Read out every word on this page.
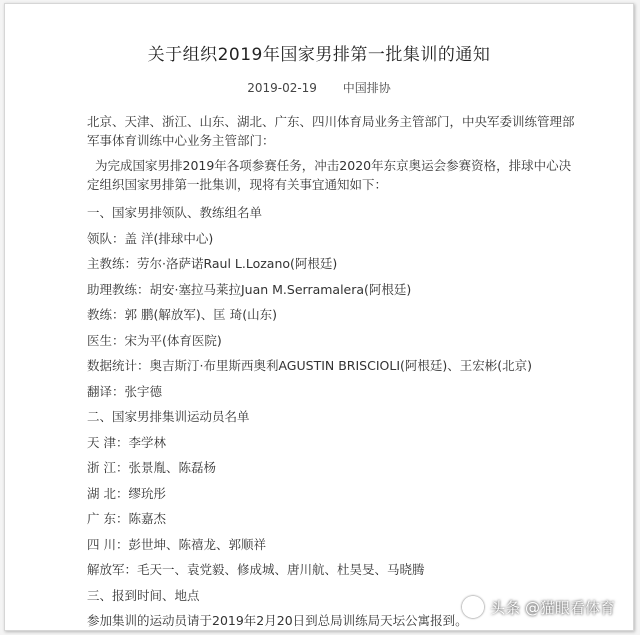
关于组织2019年国家男排第一批集训的通知
2019-02-19 中国排协

北京、天津、浙江、山东、湖北、广东、四川体育局业务主管部门，中央军委训练管理部军事体育训练中心业务主管部门：

为完成国家男排2019年各项参赛任务，冲击2020年东京奥运会参赛资格，排球中心决定组织国家男排第一批集训，现将有关事宜通知如下：

一、国家男排领队、教练组名单

领队：盖 洋(排球中心)

主教练：劳尔·洛萨诺Raul L.Lozano(阿根廷)

助理教练：胡安·塞拉马莱拉Juan M.Serramalera(阿根廷)

教练：郭 鹏(解放军)、匡 琦(山东)

医生：宋为平(体育医院)

数据统计：奥吉斯汀·布里斯西奥利AGUSTIN BRISCIOLI(阿根廷)、王宏彬(北京)

翻译：张宇德

二、国家男排集训运动员名单

天 津：李学林

浙 江：张景胤、陈磊杨

湖 北：缪玧彤

广 东：陈嘉杰

四 川：彭世坤、陈禧龙、郭顺祥

解放军：毛天一、袁党毅、修成城、唐川航、杜昊旻、马晓腾

三、报到时间、地点

参加集训的运动员请于2019年2月20日到总局训练局天坛公寓报到。

头条 @猫眼看体育
